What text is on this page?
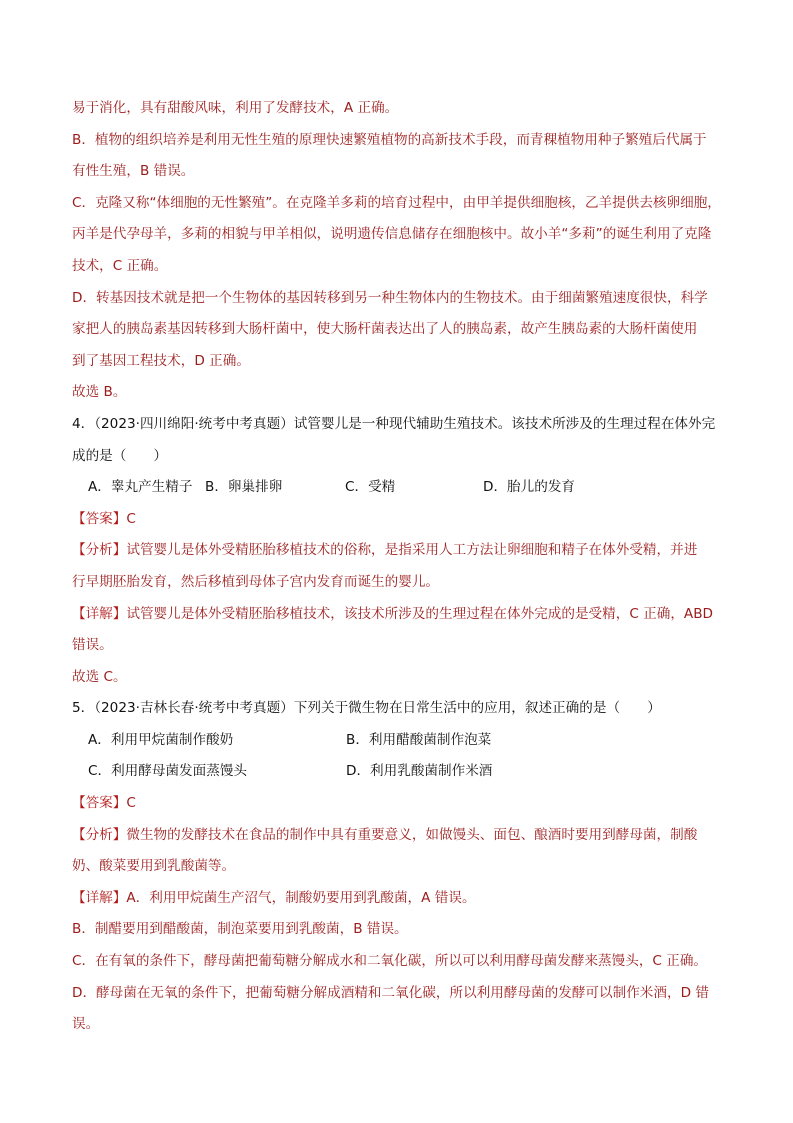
易于消化，具有甜酸风味，利用了发酵技术，A 正确。
B．植物的组织培养是利用无性生殖的原理快速繁殖植物的高新技术手段，而青稞植物用种子繁殖后代属于
有性生殖，B 错误。
C．克隆又称“体细胞的无性繁殖”。在克隆羊多莉的培育过程中，由甲羊提供细胞核，乙羊提供去核卵细胞，
丙羊是代孕母羊，多莉的相貌与甲羊相似，说明遗传信息储存在细胞核中。故小羊“多莉”的诞生利用了克隆
技术，C 正确。
D．转基因技术就是把一个生物体的基因转移到另一种生物体内的生物技术。由于细菌繁殖速度很快，科学
家把人的胰岛素基因转移到大肠杆菌中，使大肠杆菌表达出了人的胰岛素，故产生胰岛素的大肠杆菌使用
到了基因工程技术，D 正确。
故选 B。
4．（2023·四川绵阳·统考中考真题）试管婴儿是一种现代辅助生殖技术。该技术所涉及的生理过程在体外完
成的是（　　）
A．睾丸产生精子 B．卵巢排卵	C．受精	D．胎儿的发育
【答案】C
【分析】试管婴儿是体外受精胚胎移植技术的俗称，是指采用人工方法让卵细胞和精子在体外受精，并进
行早期胚胎发育，然后移植到母体子宫内发育而诞生的婴儿。
【详解】试管婴儿是体外受精胚胎移植技术，该技术所涉及的生理过程在体外完成的是受精，C 正确，ABD
错误。
故选 C。
5．（2023·吉林长春·统考中考真题）下列关于微生物在日常生活中的应用，叙述正确的是（　　）
A．利用甲烷菌制作酸奶	B．利用醋酸菌制作泡菜
C．利用酵母菌发面蒸馒头	D．利用乳酸菌制作米酒
【答案】C
【分析】微生物的发酵技术在食品的制作中具有重要意义，如做馒头、面包、酿酒时要用到酵母菌，制酸
奶、酸菜要用到乳酸菌等。
【详解】A．利用甲烷菌生产沼气，制酸奶要用到乳酸菌，A 错误。
B．制醋要用到醋酸菌，制泡菜要用到乳酸菌，B 错误。
C．在有氧的条件下，酵母菌把葡萄糖分解成水和二氧化碳，所以可以利用酵母菌发酵来蒸馒头，C 正确。
D．酵母菌在无氧的条件下，把葡萄糖分解成酒精和二氧化碳，所以利用酵母菌的发酵可以制作米酒，D 错
误。
